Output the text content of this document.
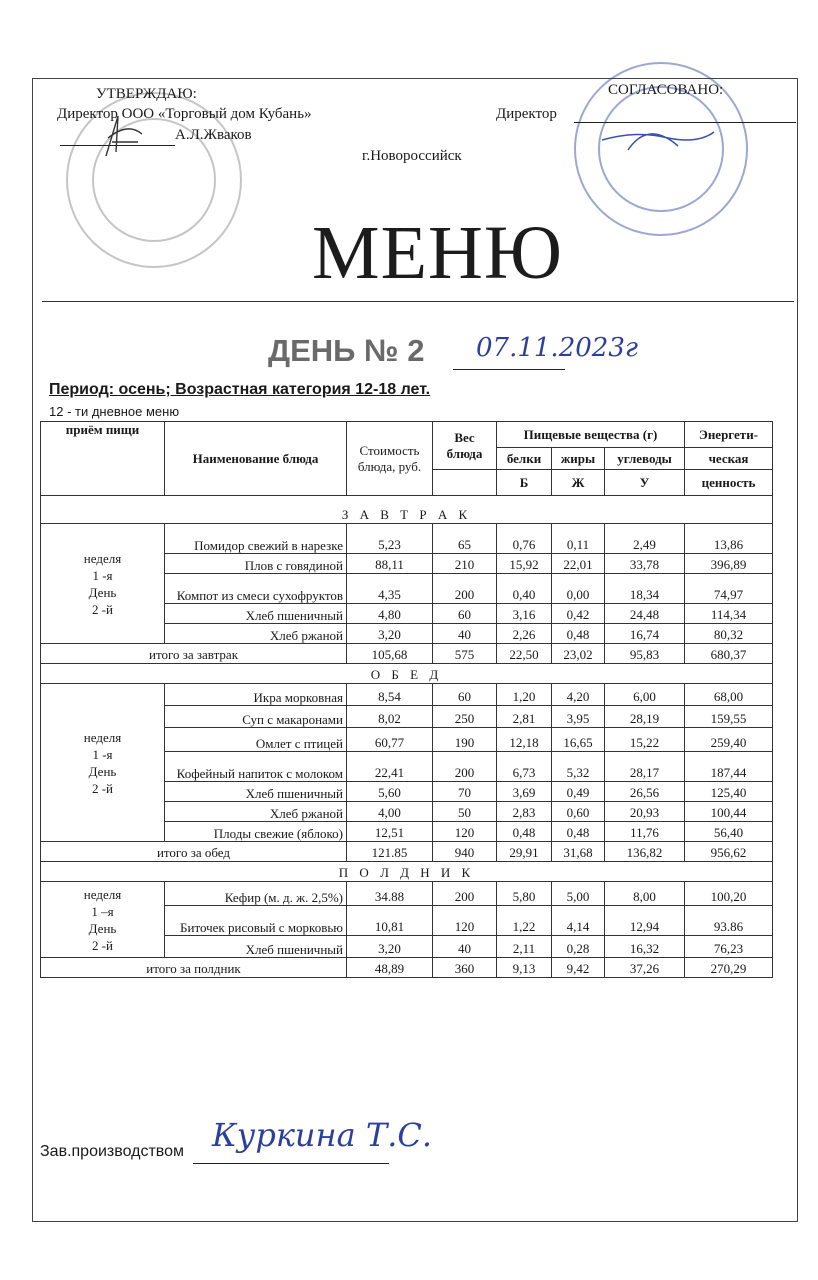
УТВЕРЖДАЮ:
Директор ООО «Торговый дом Кубань»
А.Л.Жваков
СОГЛАСОВАНО:
Директор
г.Новороссийск
МЕНЮ
ДЕНЬ № 2 07.11.2023г
Период: осень; Возрастная категория 12-18 лет.
12 - ти дневное меню
приём пищи	Наименование блюда	Стоимость блюда, руб.	Вес блюда	Пищевые вещества (г)			Энергети-
				белки	жиры	углеводы	ческая
				Б	Ж	У	ценность
З А В Т Р А К							

неделя
1 -я
День
2 -й	Помидор свежий в нарезке	5,23	65	0,76	0,11	2,49	13,86
	Плов с говядиной	88,11	210	15,92	22,01	33,78	396,89
	Компот из смеси сухофруктов	4,35	200	0,40	0,00	18,34	74,97
	Хлеб пшеничный	4,80	60	3,16	0,42	24,48	114,34
	Хлеб ржаной	3,20	40	2,26	0,48	16,74	80,32
итого за завтрак		105,68	575	22,50	23,02	95,83	680,37
О Б Е Д							

неделя
1 -я
День
2 -й	Икра морковная	8,54	60	1,20	4,20	6,00	68,00
	Суп с макаронами	8,02	250	2,81	3,95	28,19	159,55
	Омлет с птицей	60,77	190	12,18	16,65	15,22	259,40
	Кофейный напиток с молоком	22,41	200	6,73	5,32	28,17	187,44
	Хлеб пшеничный	5,60	70	3,69	0,49	26,56	125,40
	Хлеб ржаной	4,00	50	2,83	0,60	20,93	100,44
	Плоды свежие (яблоко)	12,51	120	0,48	0,48	11,76	56,40
итого за обед		121.85	940	29,91	31,68	136,82	956,62
П О Л Д Н И К							

неделя
1 –я
День
2 -й	Кефир (м. д. ж. 2,5%)	34.88	200	5,80	5,00	8,00	100,20
	Биточек рисовый с морковью	10,81	120	1,22	4,14	12,94	93.86
	Хлеб пшеничный	3,20	40	2,11	0,28	16,32	76,23
итого за полдник		48,89	360	9,13	9,42	37,26	270,29
Зав.производством Куркина Т.С.
